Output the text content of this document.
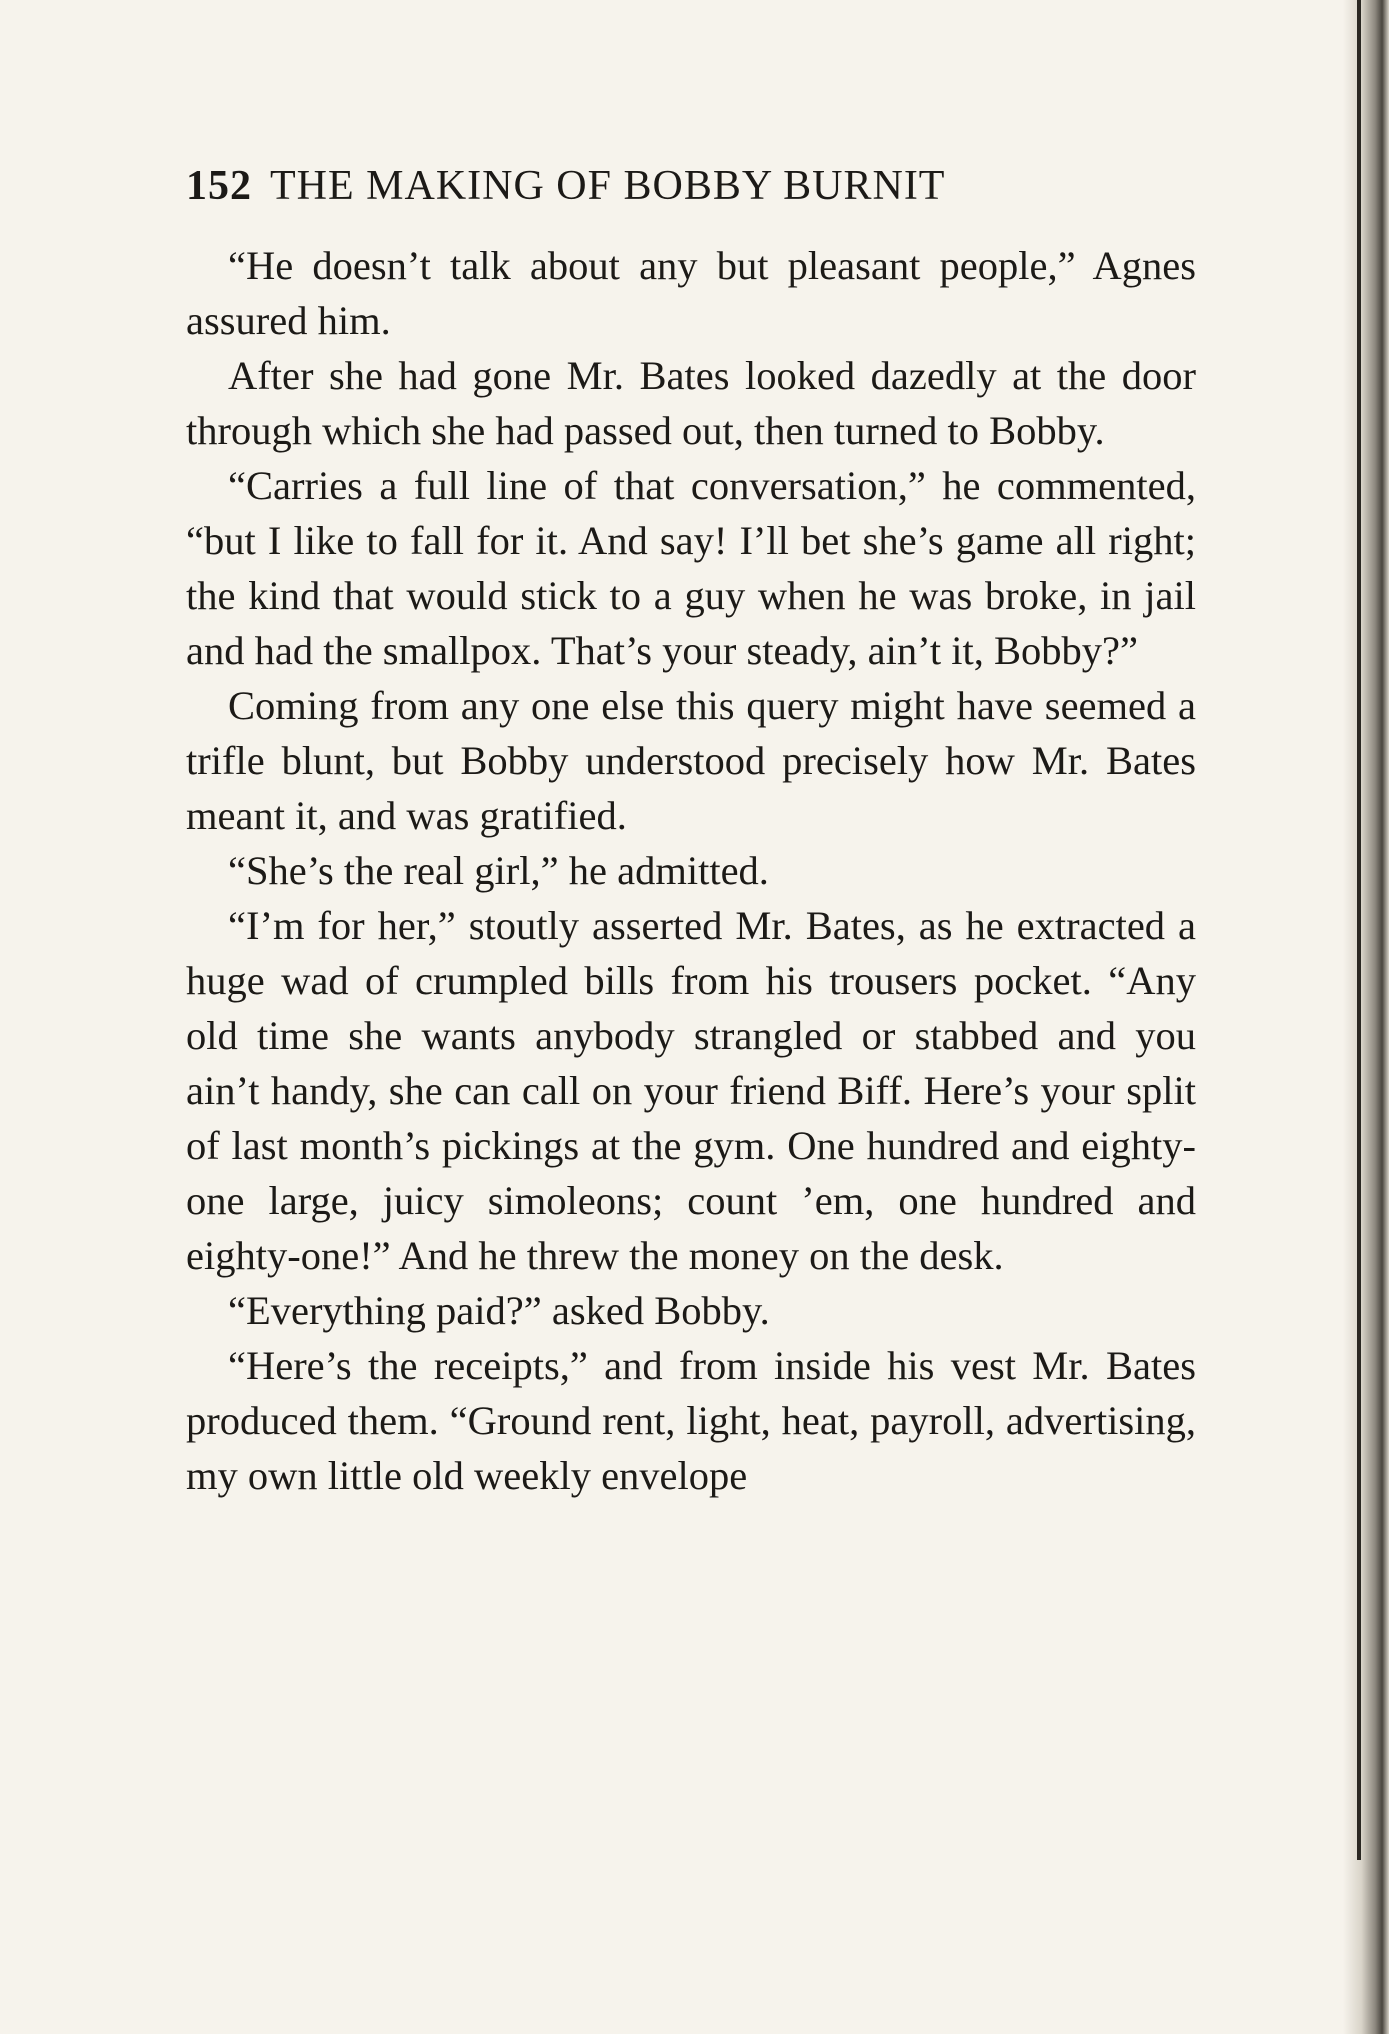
152 THE MAKING OF BOBBY BURNIT

“He doesn’t talk about any but pleasant people,” Agnes assured him.

After she had gone Mr. Bates looked dazedly at the door through which she had passed out, then turned to Bobby.

“Carries a full line of that conversation,” he commented, “but I like to fall for it. And say! I’ll bet she’s game all right; the kind that would stick to a guy when he was broke, in jail and had the smallpox. That’s your steady, ain’t it, Bobby?”

Coming from any one else this query might have seemed a trifle blunt, but Bobby understood precisely how Mr. Bates meant it, and was gratified.

“She’s the real girl,” he admitted.

“I’m for her,” stoutly asserted Mr. Bates, as he extracted a huge wad of crumpled bills from his trousers pocket. “Any old time she wants anybody strangled or stabbed and you ain’t handy, she can call on your friend Biff. Here’s your split of last month’s pickings at the gym. One hundred and eighty-one large, juicy simoleons; count ’em, one hundred and eighty-one!” And he threw the money on the desk.

“Everything paid?” asked Bobby.

“Here’s the receipts,” and from inside his vest Mr. Bates produced them. “Ground rent, light, heat, payroll, advertising, my own little old weekly envelope
